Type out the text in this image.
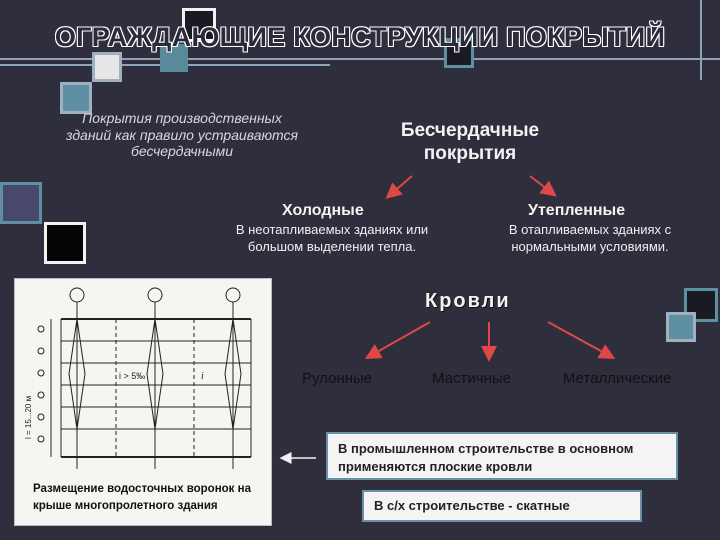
ОГРАЖДАЮЩИЕ КОНСТРУКЦИИ ПОКРЫТИЙ
Покрытия производственных зданий как правило устраиваются бесчердачными
Бесчердачные покрытия
Холодные	Утепленные
В неотапливаемых зданиях или большом выделении тепла.
В отапливаемых зданиях с нормальными условиями.
Кровли
Рулонные	Мастичные	Металлические
i > 5‰	i
l = 15...20 м
Размещение водосточных воронок на крыше многопролетного здания
В промышленном строительстве в основном применяются плоские кровли
В с/х строительстве - скатные
